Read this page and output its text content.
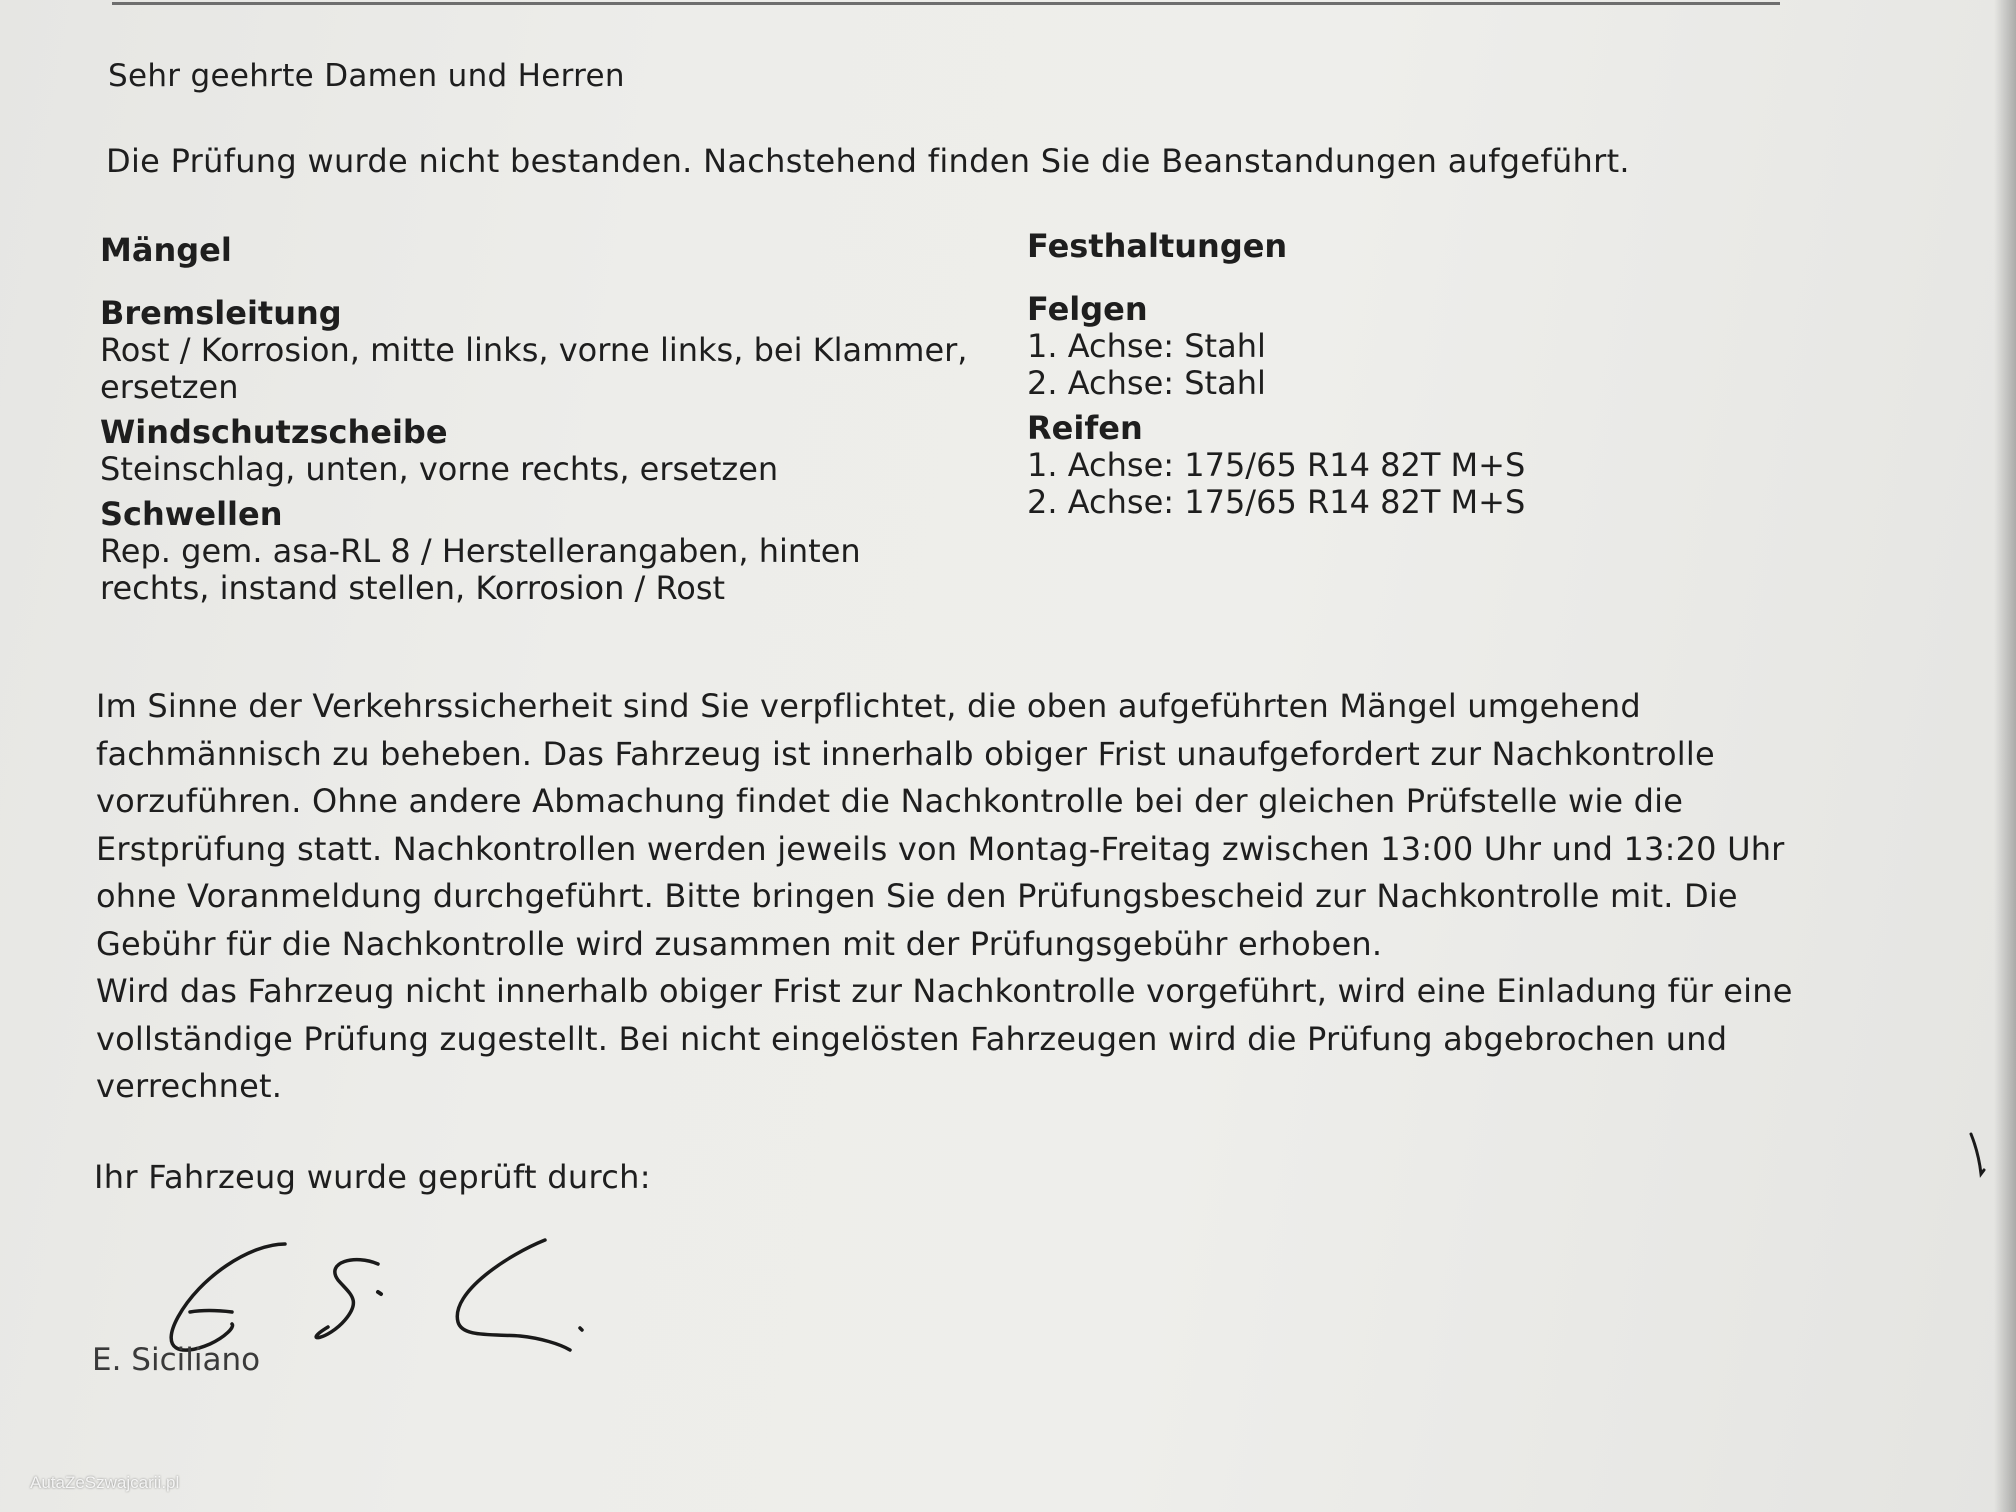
Sehr geehrte Damen und Herren
Die Prüfung wurde nicht bestanden. Nachstehend finden Sie die Beanstandungen aufgeführt.
Mängel
Bremsleitung
Rost / Korrosion, mitte links, vorne links, bei Klammer,
ersetzen
Windschutzscheibe
Steinschlag, unten, vorne rechts, ersetzen
Schwellen
Rep. gem. asa-RL 8 / Herstellerangaben, hinten
rechts, instand stellen, Korrosion / Rost
Festhaltungen
Felgen
1. Achse: Stahl
2. Achse: Stahl
Reifen
1. Achse: 175/65 R14 82T M+S
2. Achse: 175/65 R14 82T M+S
Im Sinne der Verkehrssicherheit sind Sie verpflichtet, die oben aufgeführten Mängel umgehend
fachmännisch zu beheben. Das Fahrzeug ist innerhalb obiger Frist unaufgefordert zur Nachkontrolle
vorzuführen. Ohne andere Abmachung findet die Nachkontrolle bei der gleichen Prüfstelle wie die
Erstprüfung statt. Nachkontrollen werden jeweils von Montag-Freitag zwischen 13:00 Uhr und 13:20 Uhr
ohne Voranmeldung durchgeführt. Bitte bringen Sie den Prüfungsbescheid zur Nachkontrolle mit. Die
Gebühr für die Nachkontrolle wird zusammen mit der Prüfungsgebühr erhoben.
Wird das Fahrzeug nicht innerhalb obiger Frist zur Nachkontrolle vorgeführt, wird eine Einladung für eine
vollständige Prüfung zugestellt. Bei nicht eingelösten Fahrzeugen wird die Prüfung abgebrochen und
verrechnet.
Ihr Fahrzeug wurde geprüft durch:
E. Siciliano
AutaZeSzwajcarii.pl
